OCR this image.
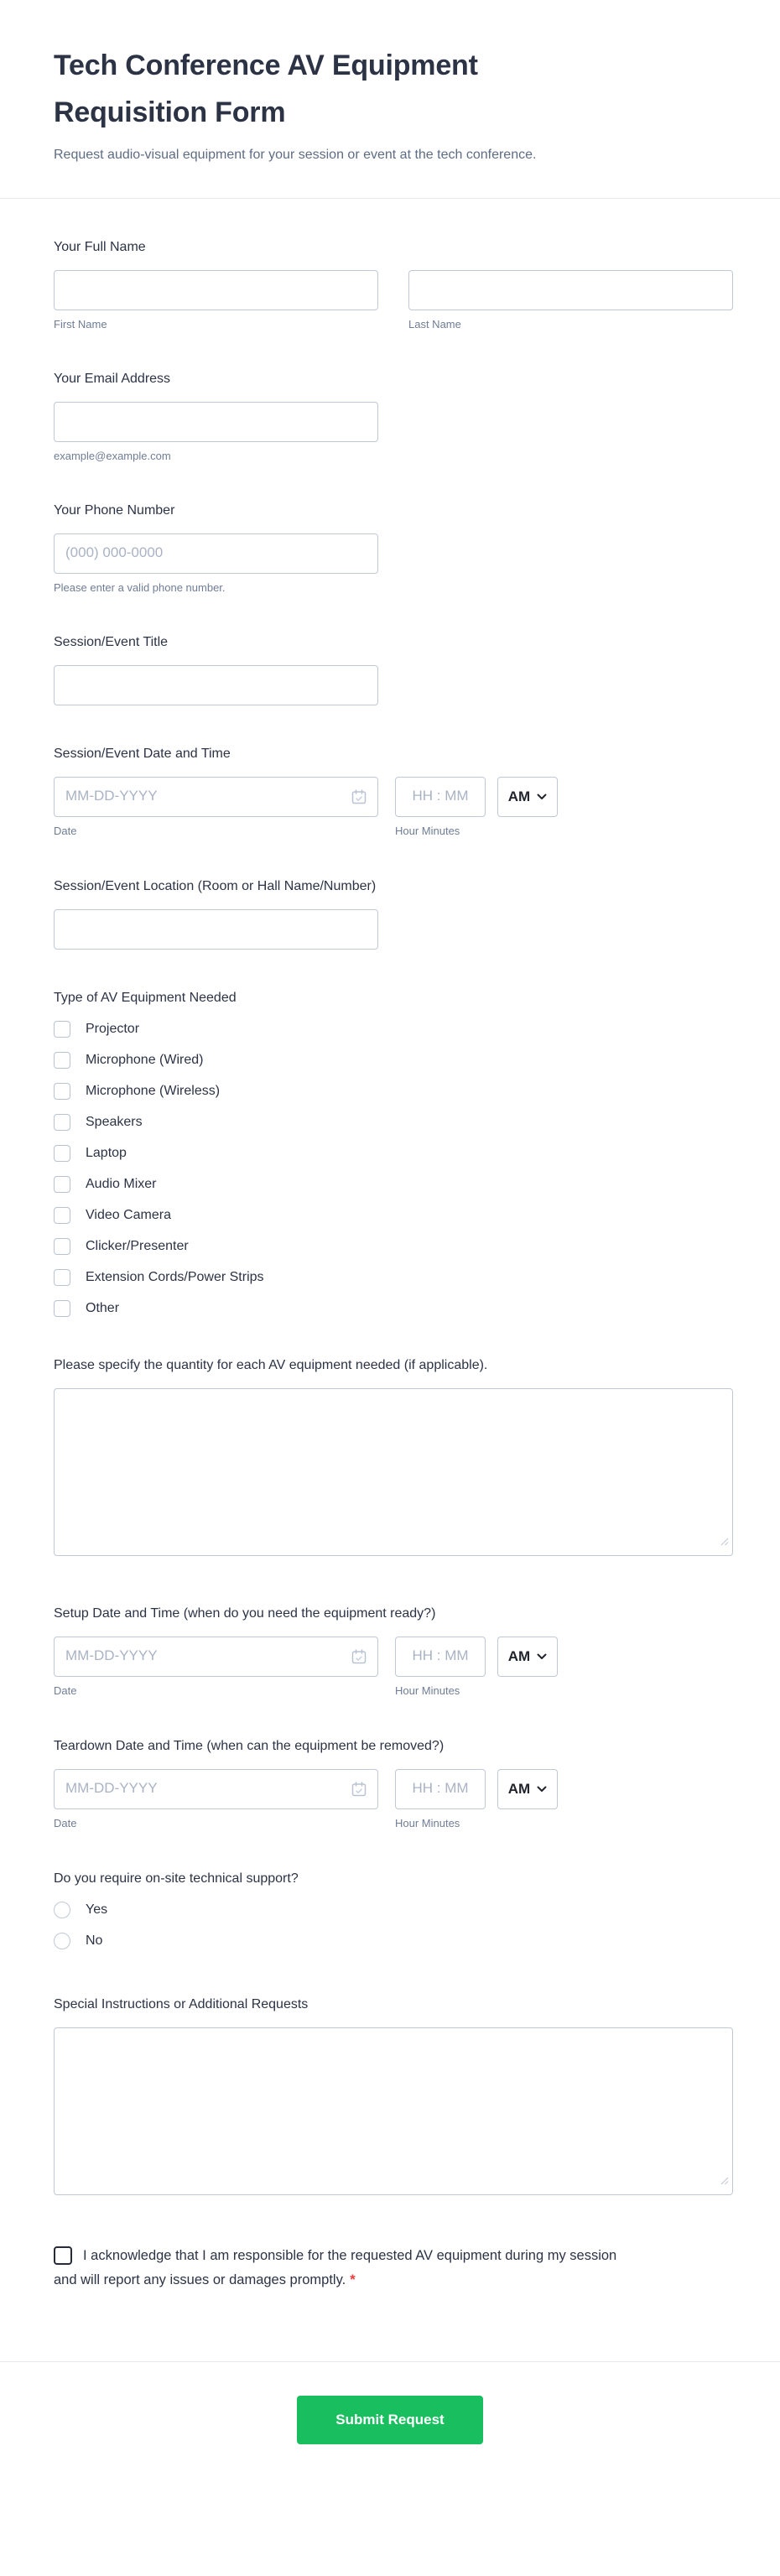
Tech Conference AV Equipment Requisition Form
Request audio-visual equipment for your session or event at the tech conference.
Your Full Name
First Name	Last Name
Your Email Address
example@example.com
Your Phone Number
(000) 000-0000
Please enter a valid phone number.
Session/Event Title
Session/Event Date and Time
MM-DD-YYYY
HH : MM
AM
Date	Hour Minutes
Session/Event Location (Room or Hall Name/Number)
Type of AV Equipment Needed
Projector
Microphone (Wired)
Microphone (Wireless)
Speakers
Laptop
Audio Mixer
Video Camera
Clicker/Presenter
Extension Cords/Power Strips
Other
Please specify the quantity for each AV equipment needed (if applicable).
Setup Date and Time (when do you need the equipment ready?)
MM-DD-YYYY
HH : MM
AM
Date	Hour Minutes
Teardown Date and Time (when can the equipment be removed?)
MM-DD-YYYY
HH : MM
AM
Date	Hour Minutes
Do you require on-site technical support?
Yes
No
Special Instructions or Additional Requests
I acknowledge that I am responsible for the requested AV equipment during my session and will report any issues or damages promptly. *
Submit Request
